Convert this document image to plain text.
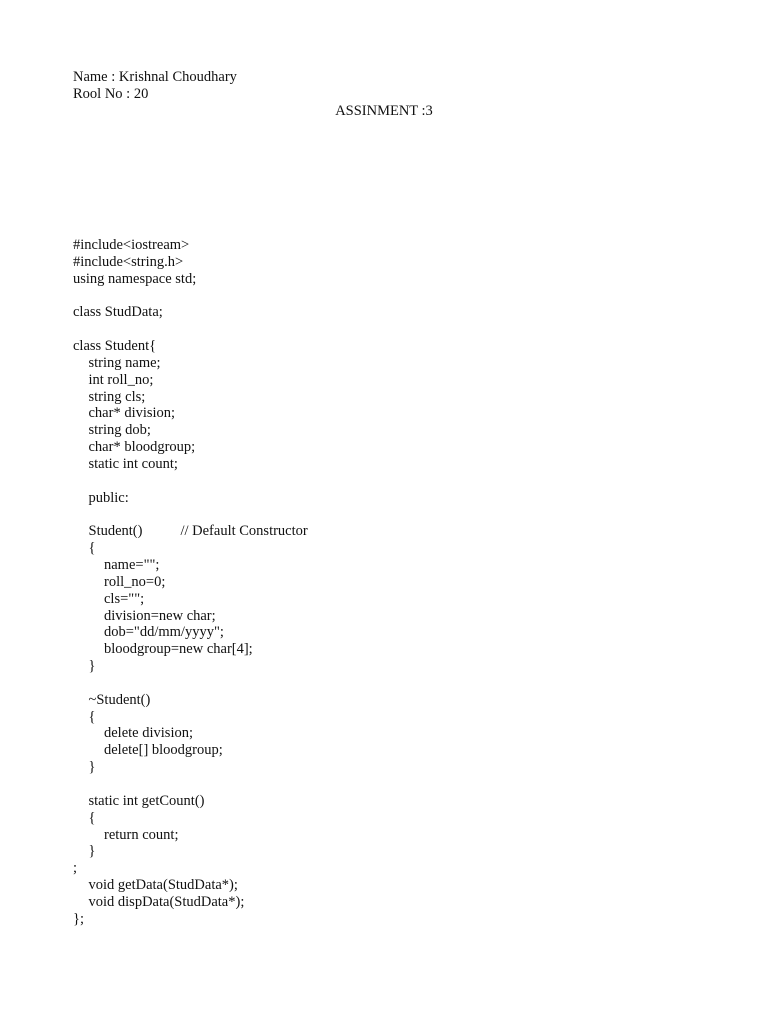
Name : Krishnal Choudhary
Rool No : 20
ASSINMENT :3
#include<iostream>
#include<string.h>
using namespace std;
class StudData;
class Student{
string name;
int roll_no;
string cls;
char* division;
string dob;
char* bloodgroup;
static int count;
public:
Student()	// Default Constructor
{
name="";
roll_no=0;
cls="";
division=new char;
dob="dd/mm/yyyy";
bloodgroup=new char[4];
}
~Student()
{
delete division;
delete[] bloodgroup;
}
static int getCount()
{
return count;
}
;
void getData(StudData*);
void dispData(StudData*);
};
